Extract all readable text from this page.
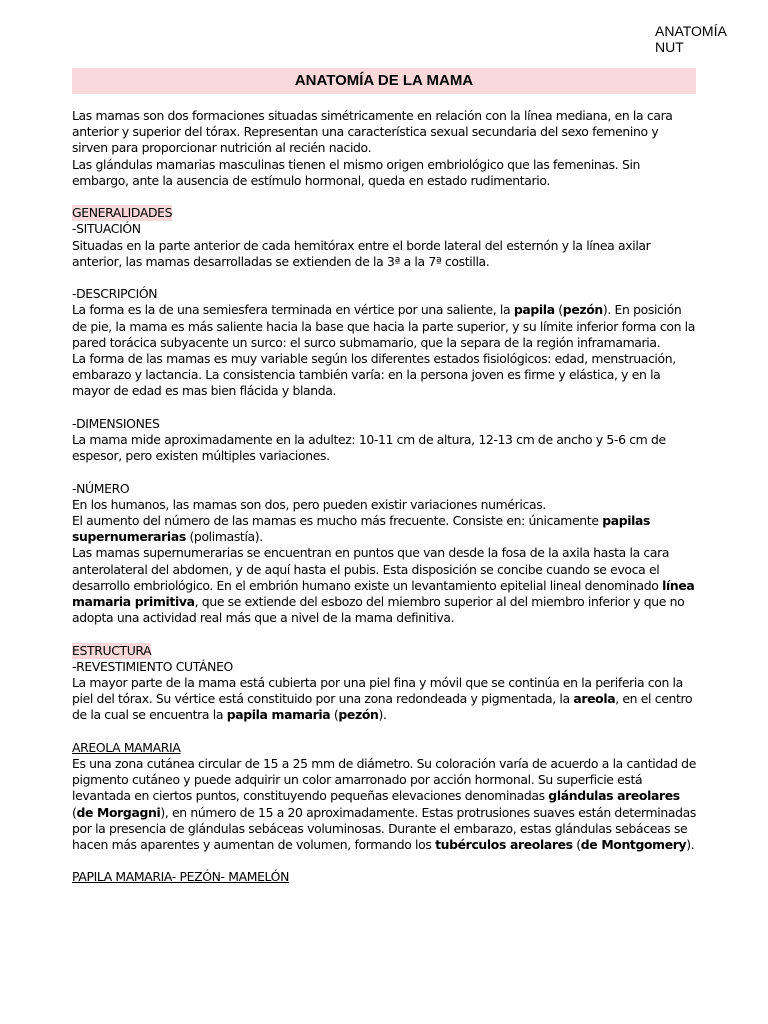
ANATOMÍA
NUT
ANATOMÍA DE LA MAMA

Las mamas son dos formaciones situadas simétricamente en relación con la línea mediana, en la cara anterior y superior del tórax. Representan una característica sexual secundaria del sexo femenino y sirven para proporcionar nutrición al recién nacido.

Las glándulas mamarias masculinas tienen el mismo origen embriológico que las femeninas. Sin embargo, ante la ausencia de estímulo hormonal, queda en estado rudimentario.

GENERALIDADES

-SITUACIÓN

Situadas en la parte anterior de cada hemitórax entre el borde lateral del esternón y la línea axilar anterior, las mamas desarrolladas se extienden de la 3ª a la 7ª costilla.

-DESCRIPCIÓN

La forma es la de una semiesfera terminada en vértice por una saliente, la papila (pezón). En posición de pie, la mama es más saliente hacia la base que hacia la parte superior, y su límite inferior forma con la pared torácica subyacente un surco: el surco submamario, que la separa de la región inframamaria.

La forma de las mamas es muy variable según los diferentes estados fisiológicos: edad, menstruación, embarazo y lactancia. La consistencia también varía: en la persona joven es firme y elástica, y en la mayor de edad es mas bien flácida y blanda.

-DIMENSIONES

La mama mide aproximadamente en la adultez: 10-11 cm de altura, 12-13 cm de ancho y 5-6 cm de espesor, pero existen múltiples variaciones.

-NÚMERO

En los humanos, las mamas son dos, pero pueden existir variaciones numéricas.

El aumento del número de las mamas es mucho más frecuente. Consiste en: únicamente papilas supernumerarias (polimastía).

Las mamas supernumerarias se encuentran en puntos que van desde la fosa de la axila hasta la cara anterolateral del abdomen, y de aquí hasta el pubis. Esta disposición se concibe cuando se evoca el desarrollo embriológico. En el embrión humano existe un levantamiento epitelial lineal denominado línea mamaria primitiva, que se extiende del esbozo del miembro superior al del miembro inferior y que no adopta una actividad real más que a nivel de la mama definitiva.

ESTRUCTURA

-REVESTIMIENTO CUTÁNEO

La mayor parte de la mama está cubierta por una piel fina y móvil que se continúa en la periferia con la piel del tórax. Su vértice está constituido por una zona redondeada y pigmentada, la areola, en el centro de la cual se encuentra la papila mamaria (pezón).

AREOLA MAMARIA

Es una zona cutánea circular de 15 a 25 mm de diámetro. Su coloración varía de acuerdo a la cantidad de pigmento cutáneo y puede adquirir un color amarronado por acción hormonal. Su superficie está levantada en ciertos puntos, constituyendo pequeñas elevaciones denominadas glándulas areolares (de Morgagni), en número de 15 a 20 aproximadamente. Estas protrusiones suaves están determinadas por la presencia de glándulas sebáceas voluminosas. Durante el embarazo, estas glándulas sebáceas se hacen más aparentes y aumentan de volumen, formando los tubérculos areolares (de Montgomery).

PAPILA MAMARIA- PEZÓN- MAMELÓN
